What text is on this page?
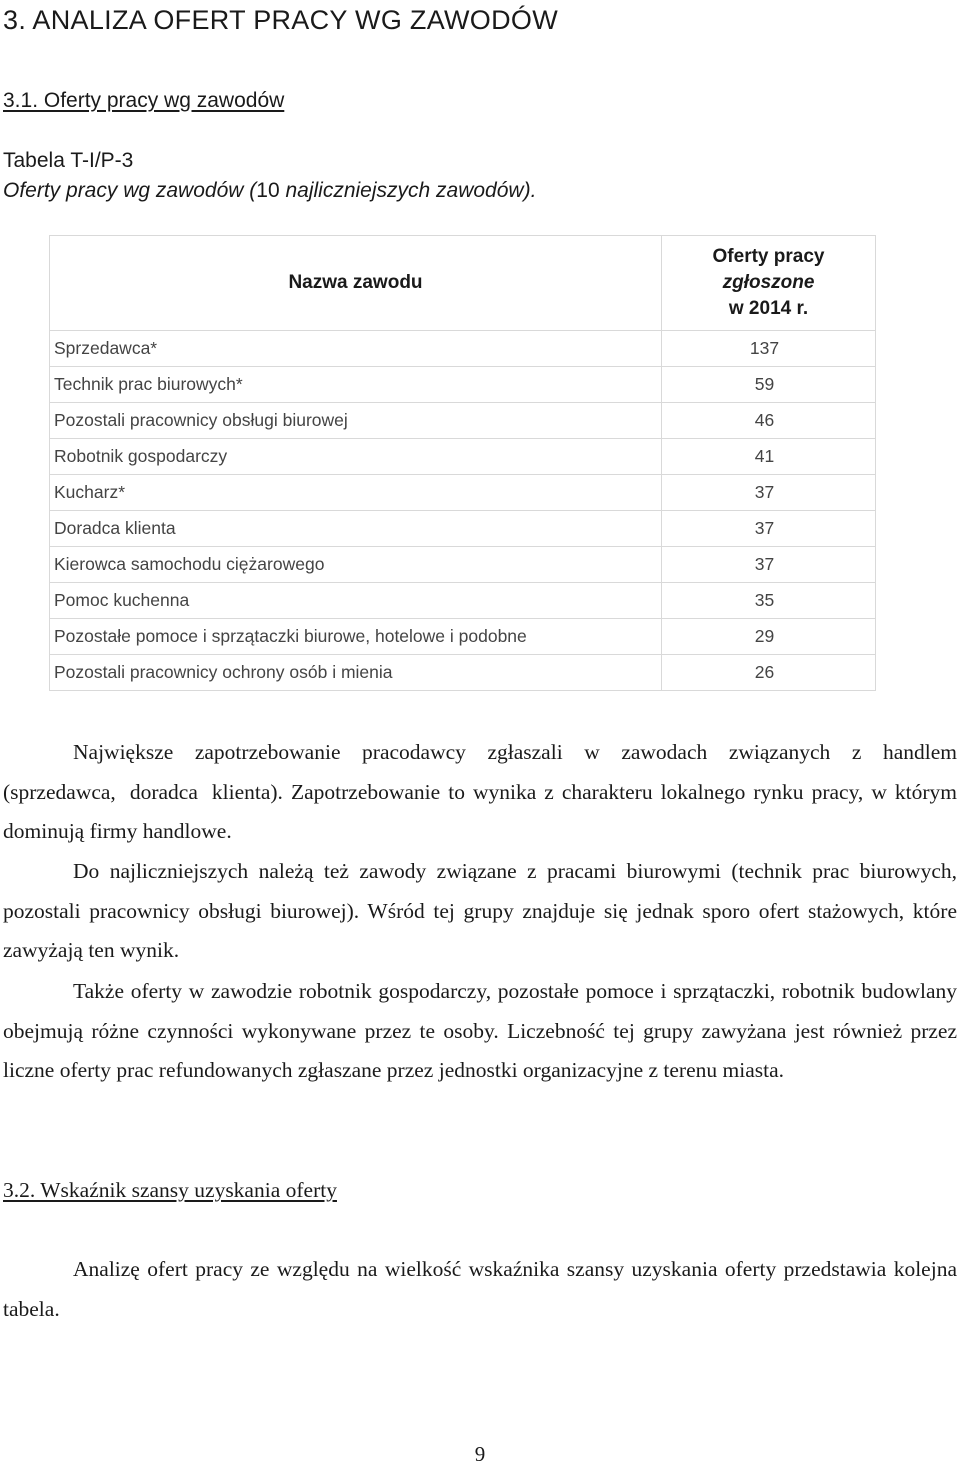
3. ANALIZA OFERT PRACY WG ZAWODÓW
3.1. Oferty pracy wg zawodów
Tabela T-I/P-3
Oferty pracy wg zawodów (10 najliczniejszych zawodów).
Nazwa zawodu	Oferty pracy
zgłoszone
w 2014 r.

Sprzedawca*	137
Technik prac biurowych*	59
Pozostali pracownicy obsługi biurowej	46
Robotnik gospodarczy	41
Kucharz*	37
Doradca klienta	37
Kierowca samochodu ciężarowego	37
Pomoc kuchenna	35
Pozostałe pomoce i sprzątaczki biurowe, hotelowe i podobne	29
Pozostali pracownicy ochrony osób i mienia	26
Największe zapotrzebowanie pracodawcy zgłaszali w zawodach związanych z handlem (sprzedawca, doradca klienta). Zapotrzebowanie to wynika z charakteru lokalnego rynku pracy, w którym dominują firmy handlowe.
Do najliczniejszych należą też zawody związane z pracami biurowymi (technik prac biurowych, pozostali pracownicy obsługi biurowej). Wśród tej grupy znajduje się jednak sporo ofert stażowych, które zawyżają ten wynik.
Także oferty w zawodzie robotnik gospodarczy, pozostałe pomoce i sprzątaczki, robotnik budowlany obejmują różne czynności wykonywane przez te osoby. Liczebność tej grupy zawyżana jest również przez liczne oferty prac refundowanych zgłaszane przez jednostki organizacyjne z terenu miasta.
3.2. Wskaźnik szansy uzyskania oferty
Analizę ofert pracy ze względu na wielkość wskaźnika szansy uzyskania oferty przedstawia kolejna tabela.
9
